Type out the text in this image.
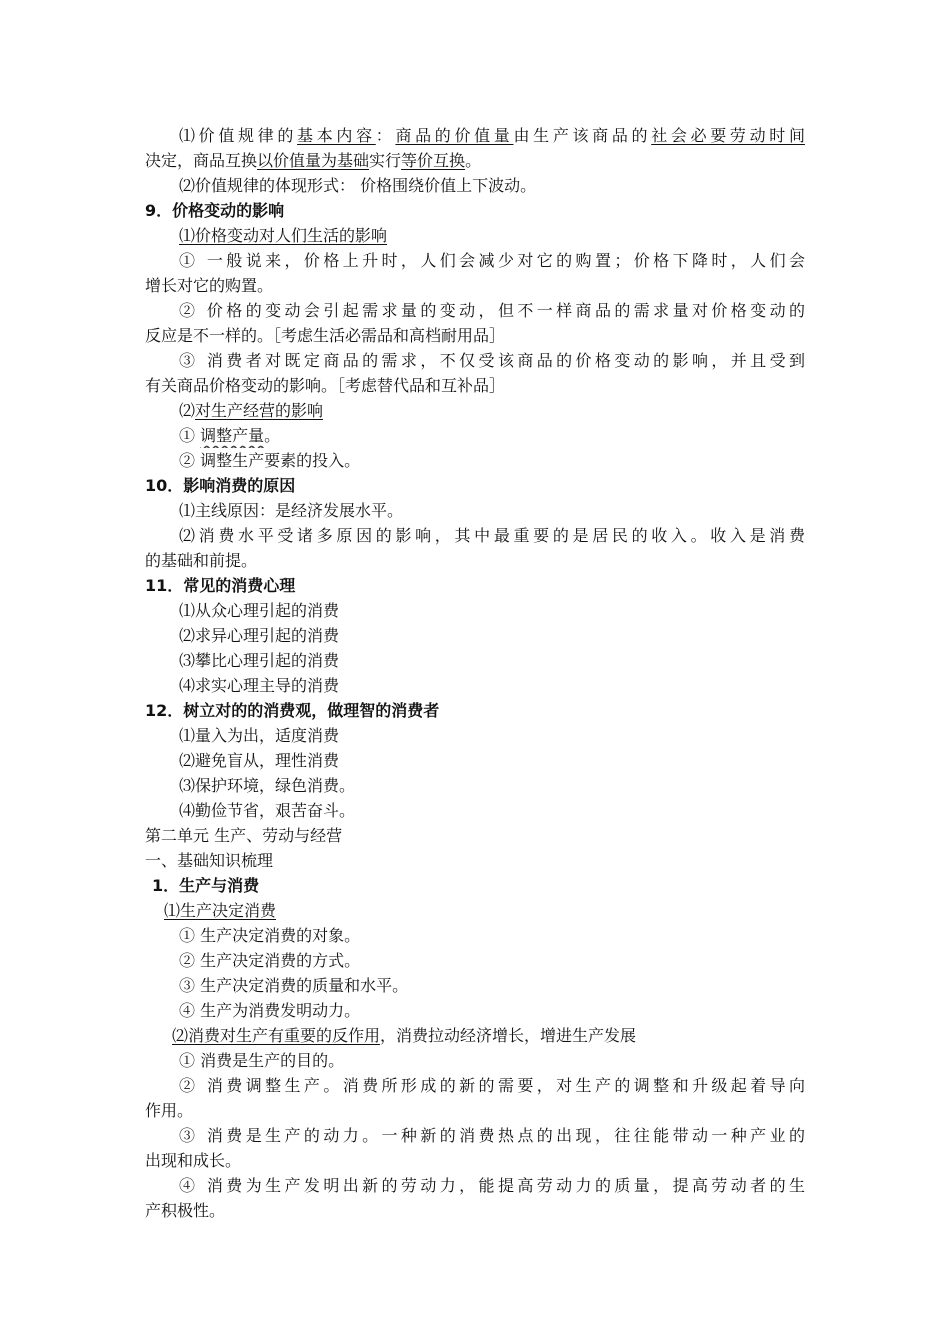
⑴价值规律的基本内容：商品的价值量由生产该商品的社会必要劳动时间
决定，商品互换以价值量为基础实行等价互换。
⑵价值规律的体现形式： 价格围绕价值上下波动。
9．价格变动的影响
⑴价格变动对人们生活的影响
① 一般说来，价格上升时，人们会减少对它的购置；价格下降时，人们会
增长对它的购置。
② 价格的变动会引起需求量的变动，但不一样商品的需求量对价格变动的
反应是不一样的。［考虑生活必需品和高档耐用品］
③ 消费者对既定商品的需求，不仅受该商品的价格变动的影响，并且受到
有关商品价格变动的影响。［考虑替代品和互补品］
⑵对生产经营的影响
① 调整产量。
② 调整生产要素的投入。
10．影响消费的原因
⑴主线原因：是经济发展水平。
⑵消费水平受诸多原因的影响，其中最重要的是居民的收入。收入是消费
的基础和前提。
11．常见的消费心理
⑴从众心理引起的消费
⑵求异心理引起的消费
⑶攀比心理引起的消费
⑷求实心理主导的消费
12．树立对的的消费观，做理智的消费者
⑴量入为出，适度消费
⑵避免盲从，理性消费
⑶保护环境，绿色消费。
⑷勤俭节省，艰苦奋斗。
第二单元 生产、劳动与经营
一、基础知识梳理
1．生产与消费
⑴生产决定消费
① 生产决定消费的对象。
② 生产决定消费的方式。
③ 生产决定消费的质量和水平。
④ 生产为消费发明动力。
⑵消费对生产有重要的反作用，消费拉动经济增长，增进生产发展
① 消费是生产的目的。
② 消费调整生产。消费所形成的新的需要，对生产的调整和升级起着导向
作用。
③ 消费是生产的动力。一种新的消费热点的出现，往往能带动一种产业的
出现和成长。
④ 消费为生产发明出新的劳动力，能提高劳动力的质量，提高劳动者的生
产积极性。
